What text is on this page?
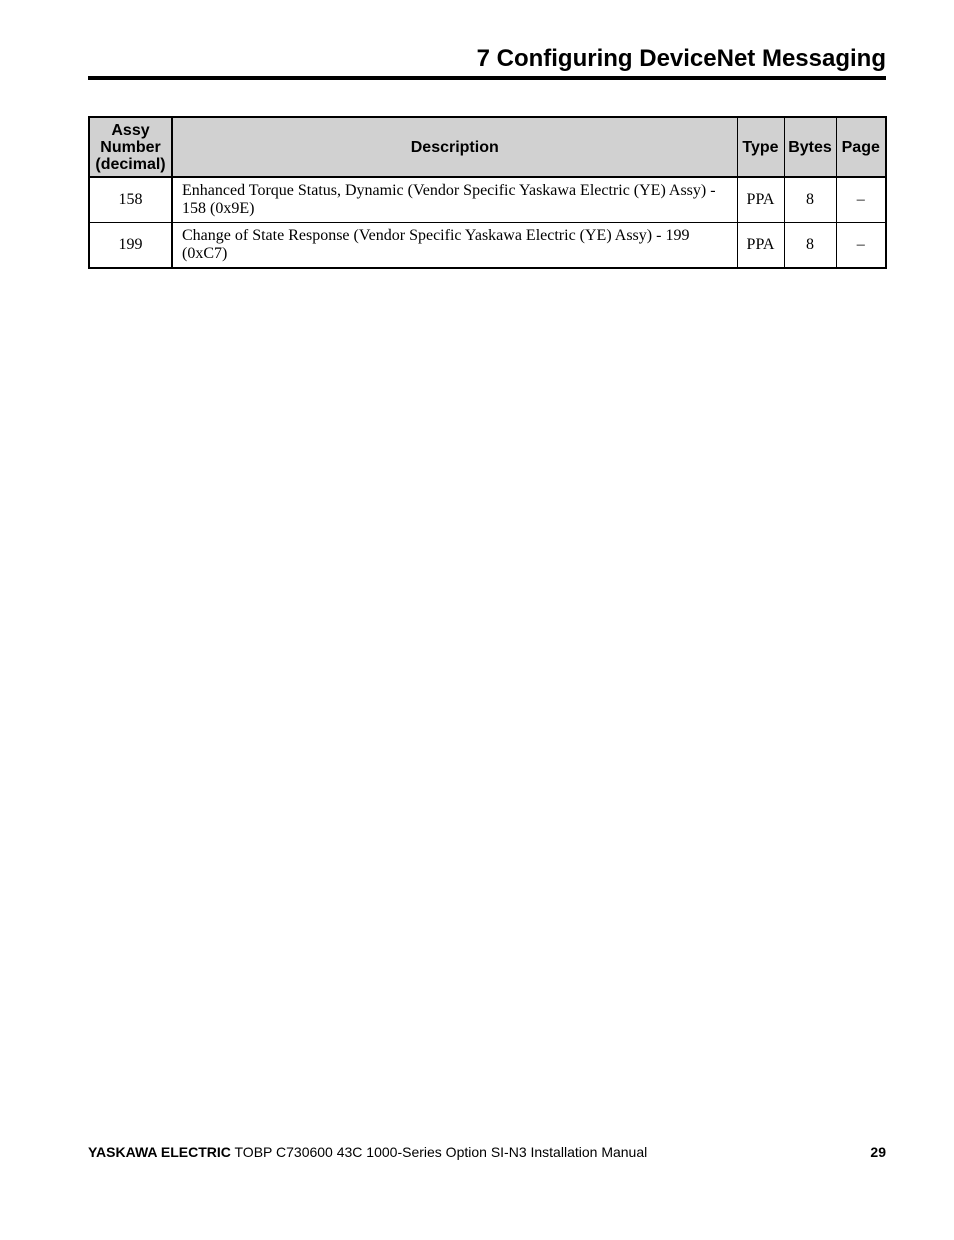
7 Configuring DeviceNet Messaging
Assy
Number
(decimal)	Description	Type	Bytes	Page
158	Enhanced Torque Status, Dynamic (Vendor Specific Yaskawa Electric (YE) Assy) - 158 (0x9E)	PPA	8	–
199	Change of State Response (Vendor Specific Yaskawa Electric (YE) Assy) - 199 (0xC7)	PPA	8	–
YASKAWA ELECTRIC TOBP C730600 43C 1000-Series Option SI-N3 Installation Manual	29
